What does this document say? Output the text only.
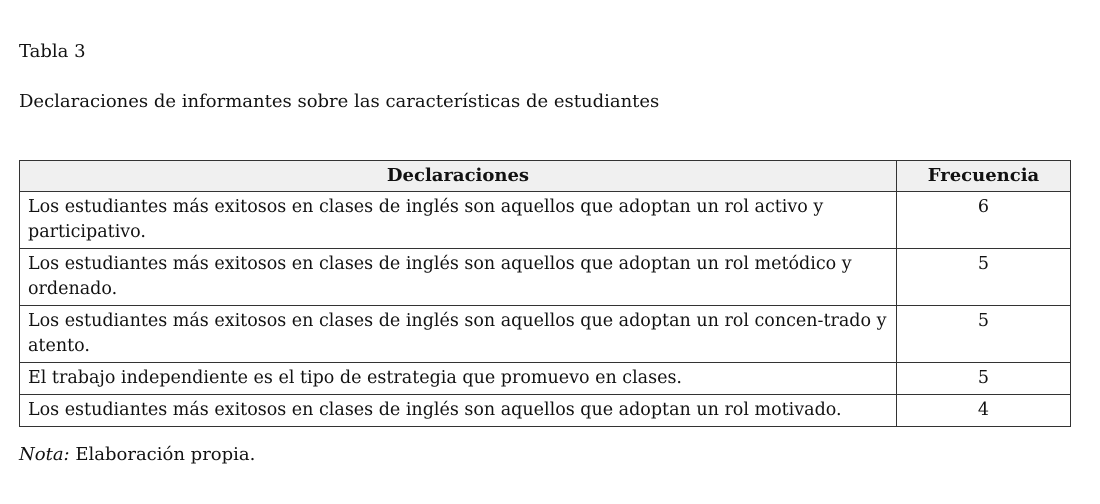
Tabla 3
Declaraciones de informantes sobre las características de estudiantes
Declaraciones	Frecuencia
Los estudiantes más exitosos en clases de inglés son aquellos que adoptan un rol activo y participativo.	6
Los estudiantes más exitosos en clases de inglés son aquellos que adoptan un rol metódico y ordenado.	5
Los estudiantes más exitosos en clases de inglés son aquellos que adoptan un rol concen-trado y atento.	5
El trabajo independiente es el tipo de estrategia que promuevo en clases.	5
Los estudiantes más exitosos en clases de inglés son aquellos que adoptan un rol motivado.	4
Nota: Elaboración propia.
